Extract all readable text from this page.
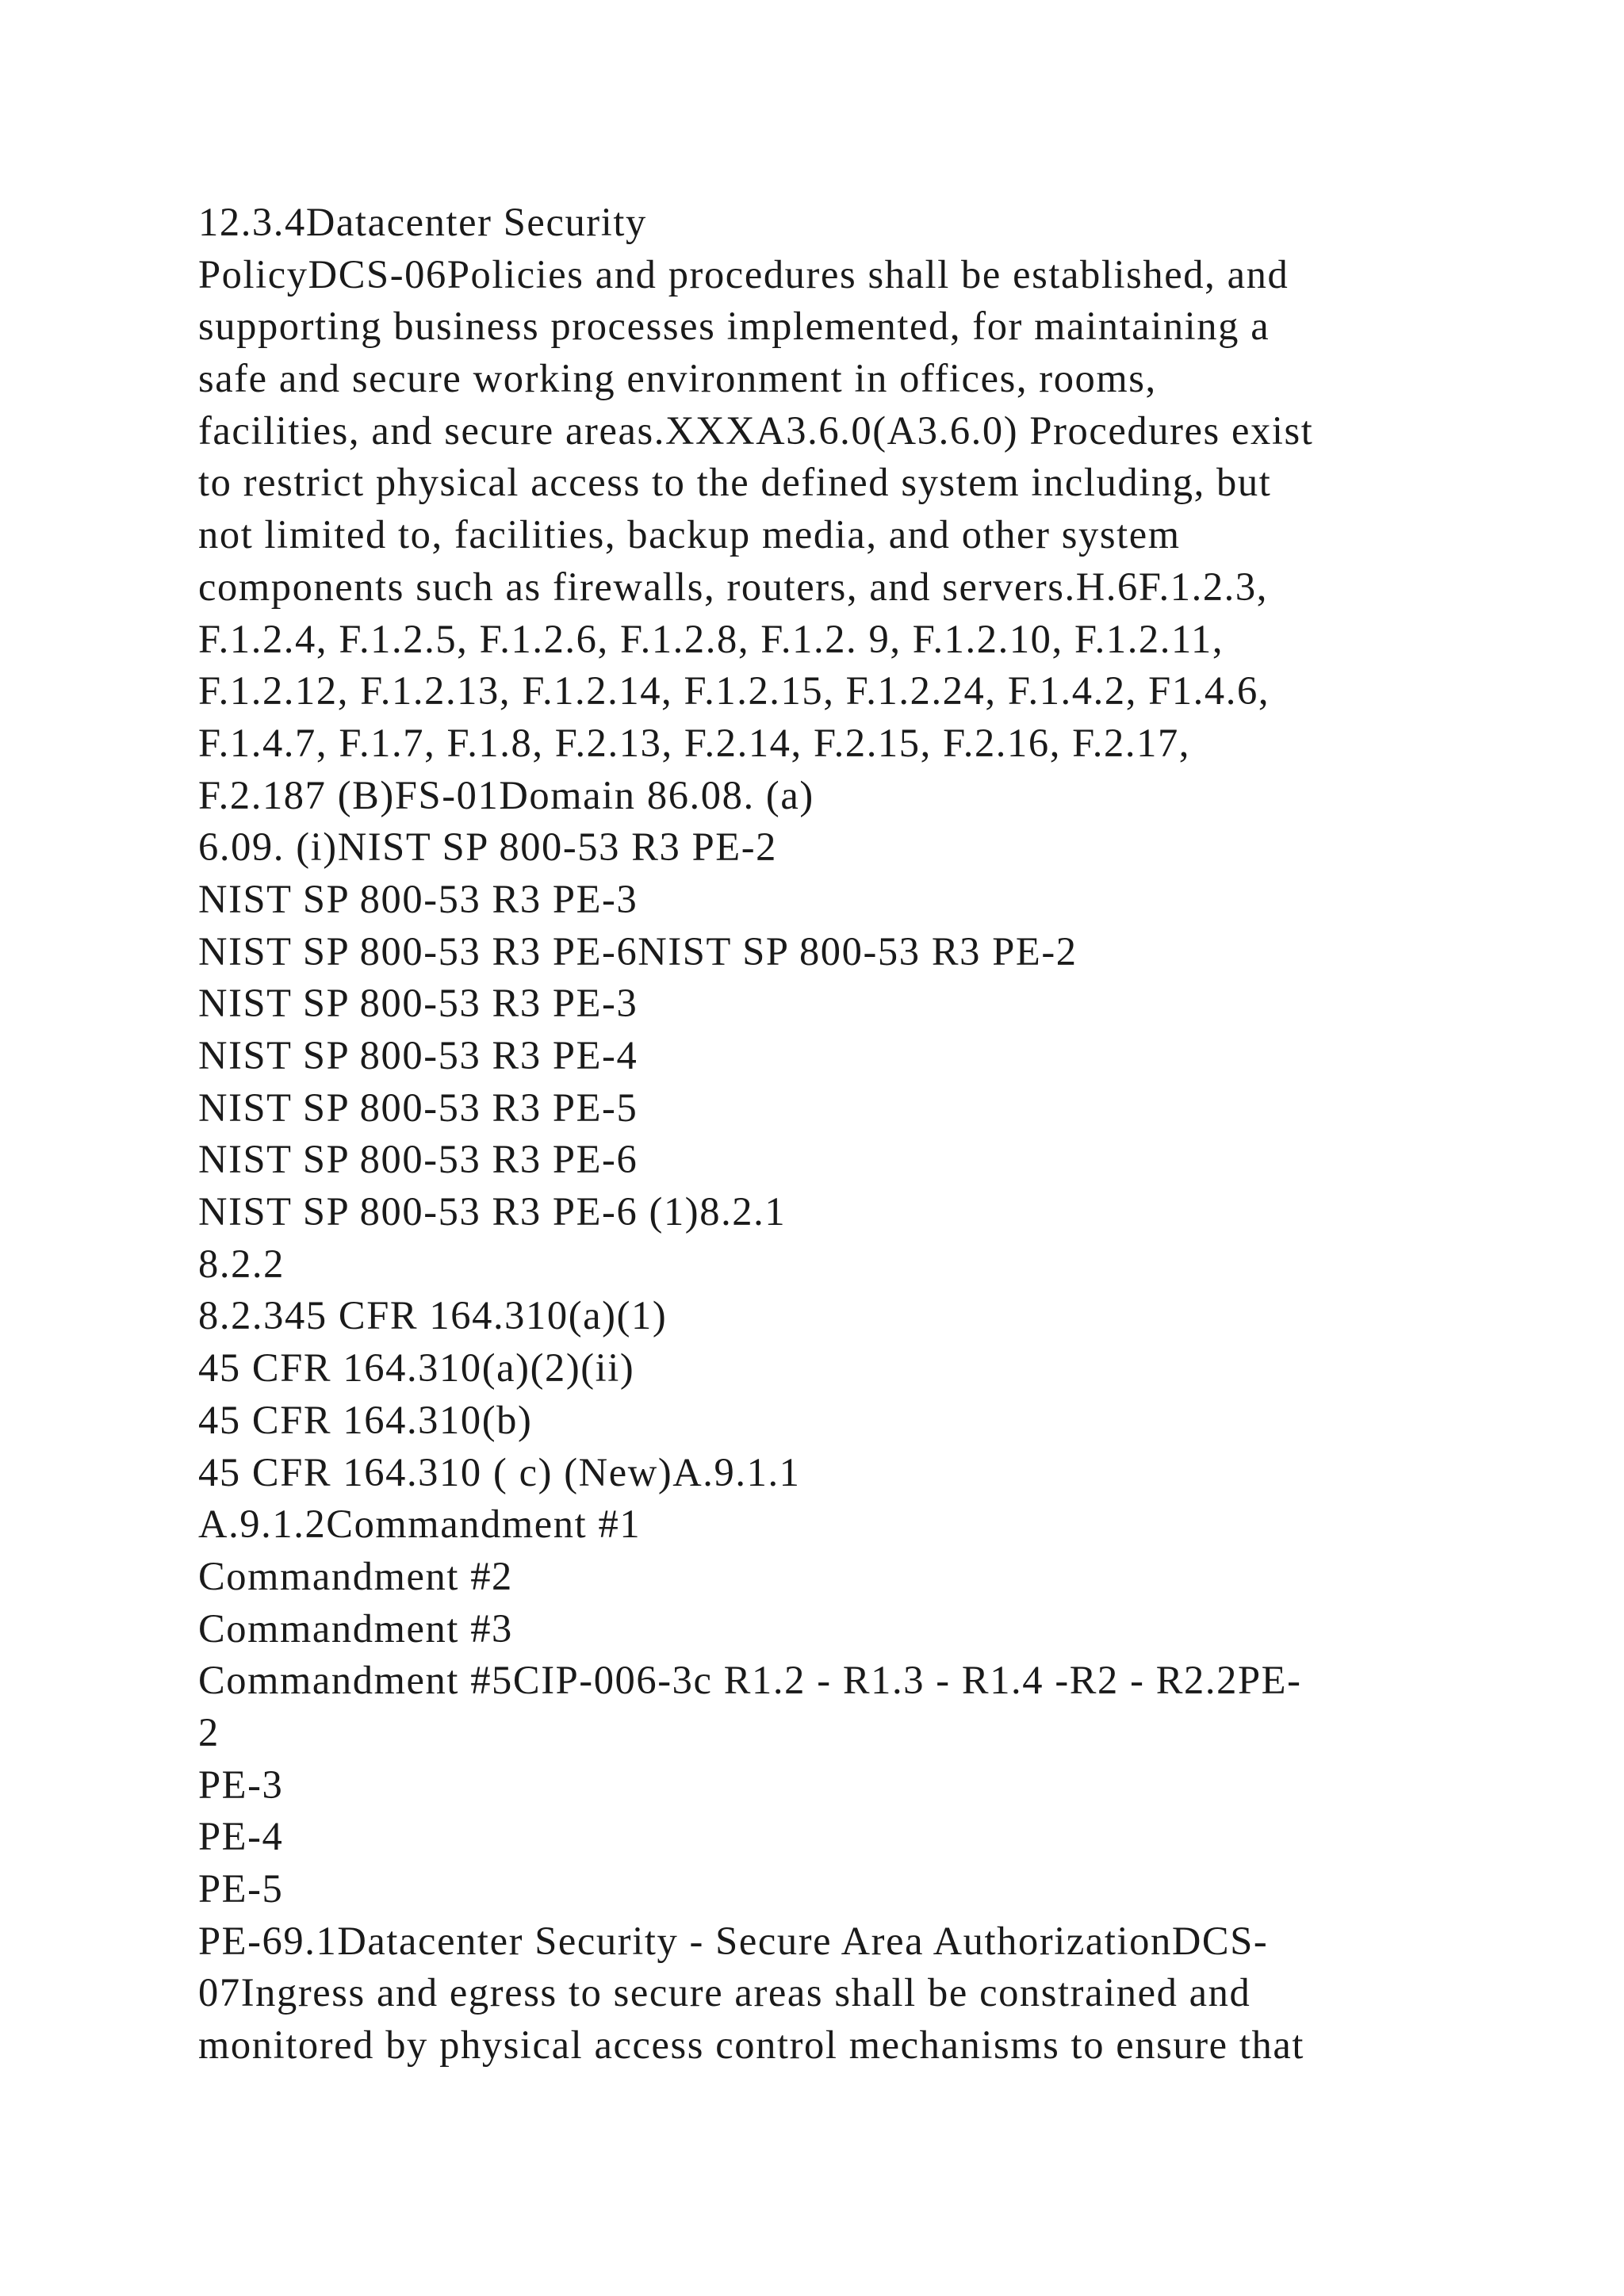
12.3.4Datacenter Security
PolicyDCS-06Policies and procedures shall be established, and
supporting business processes implemented, for maintaining a
safe and secure working environment in offices, rooms,
facilities, and secure areas.XXXA3.6.0(A3.6.0) Procedures exist
to restrict physical access to the defined system including, but
not limited to, facilities, backup media, and other system
components such as firewalls, routers, and servers.H.6F.1.2.3,
F.1.2.4, F.1.2.5, F.1.2.6, F.1.2.8, F.1.2. 9, F.1.2.10, F.1.2.11,
F.1.2.12, F.1.2.13, F.1.2.14, F.1.2.15, F.1.2.24, F.1.4.2, F1.4.6,
F.1.4.7, F.1.7, F.1.8, F.2.13, F.2.14, F.2.15, F.2.16, F.2.17,
F.2.187 (B)FS-01Domain 86.08. (a)
6.09. (i)NIST SP 800-53 R3 PE-2
NIST SP 800-53 R3 PE-3
NIST SP 800-53 R3 PE-6NIST SP 800-53 R3 PE-2
NIST SP 800-53 R3 PE-3
NIST SP 800-53 R3 PE-4
NIST SP 800-53 R3 PE-5
NIST SP 800-53 R3 PE-6
NIST SP 800-53 R3 PE-6 (1)8.2.1
8.2.2
8.2.345 CFR 164.310(a)(1)
45 CFR 164.310(a)(2)(ii)
45 CFR 164.310(b)
45 CFR 164.310 ( c) (New)A.9.1.1
A.9.1.2Commandment #1
Commandment #2
Commandment #3
Commandment #5CIP-006-3c R1.2 - R1.3 - R1.4 -R2 - R2.2PE-
2
PE-3
PE-4
PE-5
PE-69.1Datacenter Security - Secure Area AuthorizationDCS-
07Ingress and egress to secure areas shall be constrained and
monitored by physical access control mechanisms to ensure that
